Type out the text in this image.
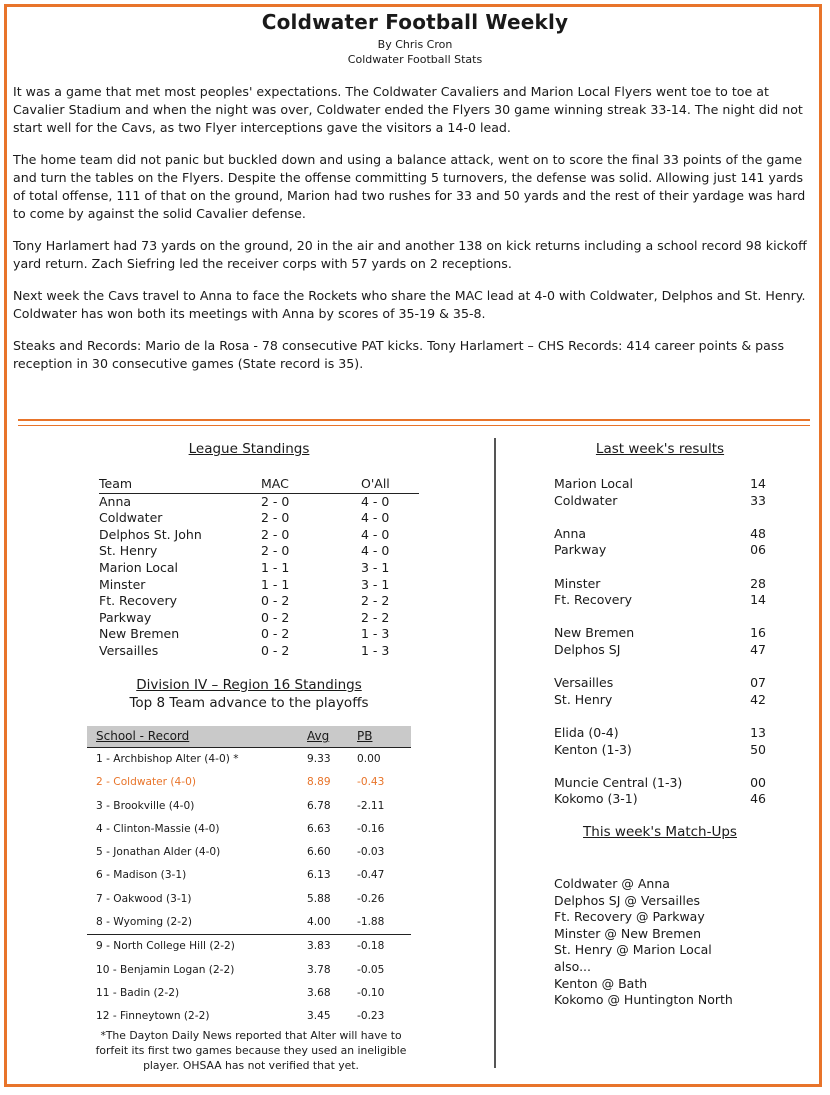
Coldwater Football Weekly
By Chris Cron
Coldwater Football Stats

It was a game that met most peoples' expectations. The Coldwater Cavaliers and Marion Local Flyers went toe to toe at Cavalier Stadium and when the night was over, Coldwater ended the Flyers 30 game winning streak 33-14. The night did not start well for the Cavs, as two Flyer interceptions gave the visitors a 14-0 lead.

The home team did not panic but buckled down and using a balance attack, went on to score the final 33 points of the game and turn the tables on the Flyers. Despite the offense committing 5 turnovers, the defense was solid. Allowing just 141 yards of total offense, 111 of that on the ground, Marion had two rushes for 33 and 50 yards and the rest of their yardage was hard to come by against the solid Cavalier defense.

Tony Harlamert had 73 yards on the ground, 20 in the air and another 138 on kick returns including a school record 98 kickoff yard return. Zach Siefring led the receiver corps with 57 yards on 2 receptions.

Next week the Cavs travel to Anna to face the Rockets who share the MAC lead at 4-0 with Coldwater, Delphos and St. Henry. Coldwater has won both its meetings with Anna by scores of 35-19 & 35-8.

Steaks and Records: Mario de la Rosa - 78 consecutive PAT kicks. Tony Harlamert – CHS Records: 414 career points & pass reception in 30 consecutive games (State record is 35).

League Standings
Team	MAC	O'All
Anna	2 - 0	4 - 0
Coldwater	2 - 0	4 - 0
Delphos St. John	2 - 0	4 - 0
St. Henry	2 - 0	4 - 0
Marion Local	1 - 1	3 - 1
Minster	1 - 1	3 - 1
Ft. Recovery	0 - 2	2 - 2
Parkway	0 - 2	2 - 2
New Bremen	0 - 2	1 - 3
Versailles	0 - 2	1 - 3
Division IV – Region 16 Standings
Top 8 Team advance to the playoffs
School - Record	Avg	PB
1 - Archbishop Alter (4-0) *	9.33	0.00
2 - Coldwater (4-0)	8.89	-0.43
3 - Brookville (4-0)	6.78	-2.11
4 - Clinton-Massie (4-0)	6.63	-0.16
5 - Jonathan Alder (4-0)	6.60	-0.03
6 - Madison (3-1)	6.13	-0.47
7 - Oakwood (3-1)	5.88	-0.26
8 - Wyoming (2-2)	4.00	-1.88
9 - North College Hill (2-2)	3.83	-0.18
10 - Benjamin Logan (2-2)	3.78	-0.05
11 - Badin (2-2)	3.68	-0.10
12 - Finneytown (2-2)	3.45	-0.23
*The Dayton Daily News reported that Alter will have to forfeit its first two games because they used an ineligible player. OHSAA has not verified that yet.
Last week's results
Marion Local	14
Coldwater	33
Anna	48
Parkway	06
Minster	28
Ft. Recovery	14
New Bremen	16
Delphos SJ	47
Versailles	07
St. Henry	42
Elida (0-4)	13
Kenton (1-3)	50
Muncie Central (1-3)	00
Kokomo (3-1)	46
This week's Match-Ups
Coldwater @ Anna
Delphos SJ @ Versailles
Ft. Recovery @ Parkway
Minster @ New Bremen
St. Henry @ Marion Local
also...
Kenton @ Bath
Kokomo @ Huntington North
